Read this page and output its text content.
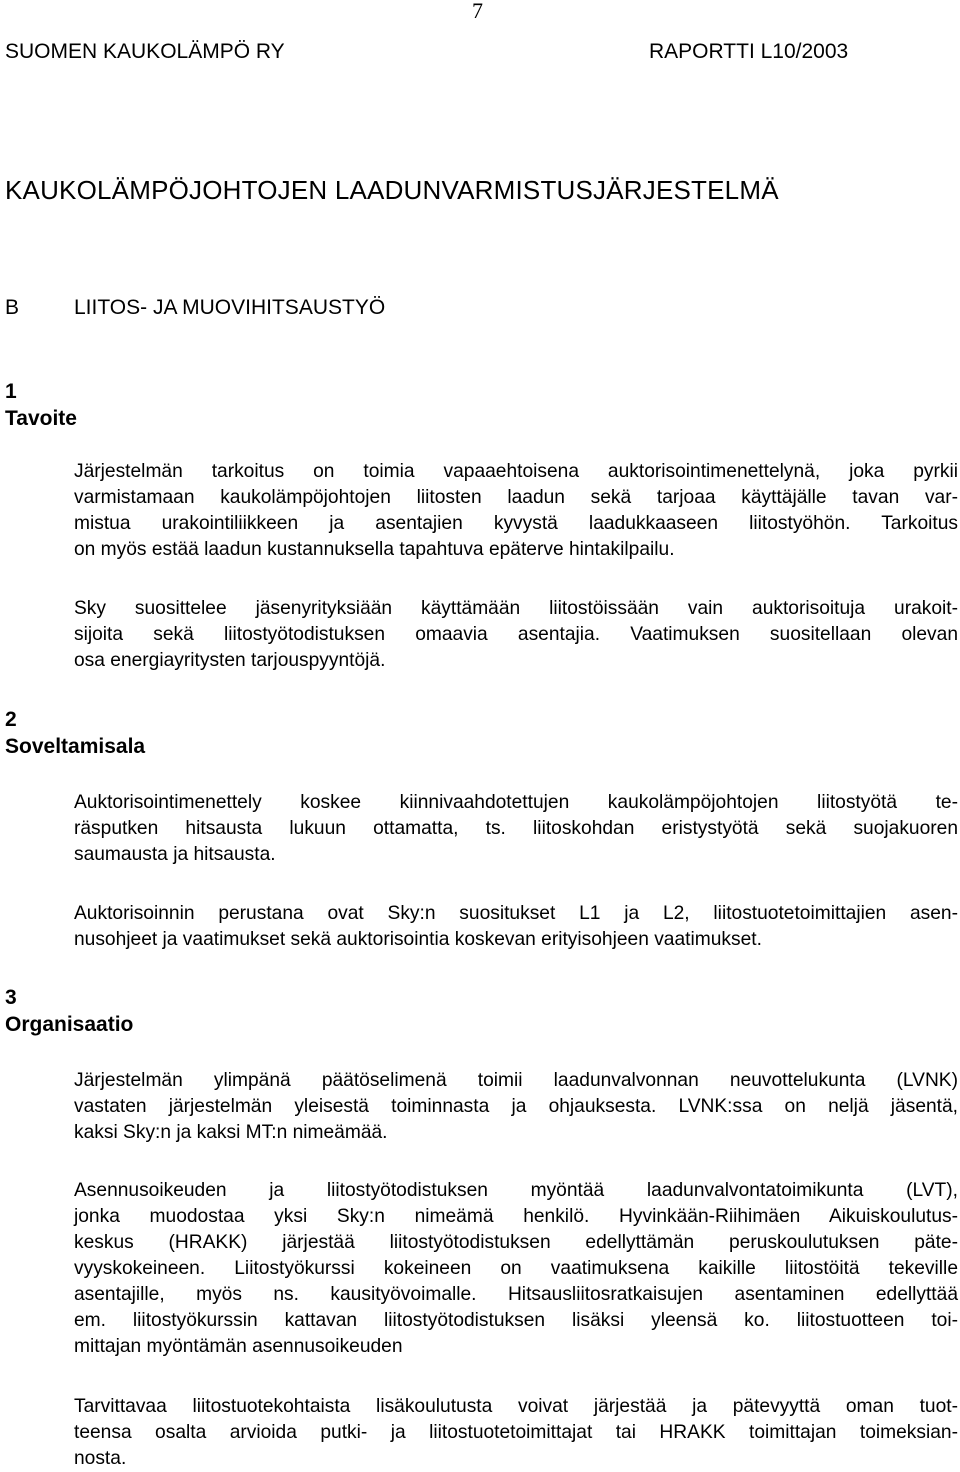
7
SUOMEN KAUKOLÄMPÖ RY	RAPORTTI L10/2003
KAUKOLÄMPÖJOHTOJEN LAADUNVARMISTUSJÄRJESTELMÄ
B	LIITOS- JA MUOVIHITSAUSTYÖ
1
Tavoite
Järjestelmän tarkoitus on toimia vapaaehtoisena auktorisointimenettelynä, joka pyrkii
varmistamaan kaukolämpöjohtojen liitosten laadun sekä tarjoaa käyttäjälle tavan var-
mistua urakointiliikkeen ja asentajien kyvystä laadukkaaseen liitostyöhön. Tarkoitus
on myös estää laadun kustannuksella tapahtuva epäterve hintakilpailu.
Sky suosittelee jäsenyrityksiään käyttämään liitostöissään vain auktorisoituja urakoit-
sijoita sekä liitostyötodistuksen omaavia asentajia. Vaatimuksen suositellaan olevan
osa energiayritysten tarjouspyyntöjä.
2
Soveltamisala
Auktorisointimenettely koskee kiinnivaahdotettujen kaukolämpöjohtojen liitostyötä te-
räsputken hitsausta lukuun ottamatta, ts. liitoskohdan eristystyötä sekä suojakuoren
saumausta ja hitsausta.
Auktorisoinnin perustana ovat Sky:n suositukset L1 ja L2, liitostuotetoimittajien asen-
nusohjeet ja vaatimukset sekä auktorisointia koskevan erityisohjeen vaatimukset.
3
Organisaatio
Järjestelmän ylimpänä päätöselimenä toimii laadunvalvonnan neuvottelukunta (LVNK)
vastaten järjestelmän yleisestä toiminnasta ja ohjauksesta. LVNK:ssa on neljä jäsentä,
kaksi Sky:n ja kaksi MT:n nimeämää.
Asennusoikeuden ja liitostyötodistuksen myöntää laadunvalvontatoimikunta (LVT),
jonka muodostaa yksi Sky:n nimeämä henkilö. Hyvinkään-Riihimäen Aikuiskoulutus-
keskus (HRAKK) järjestää liitostyötodistuksen edellyttämän peruskoulutuksen päte-
vyyskokeineen. Liitostyökurssi kokeineen on vaatimuksena kaikille liitostöitä tekeville
asentajille, myös ns. kausityövoimalle. Hitsausliitosratkaisujen asentaminen edellyttää
em. liitostyökurssin kattavan liitostyötodistuksen lisäksi yleensä ko. liitostuotteen toi-
mittajan myöntämän asennusoikeuden
Tarvittavaa liitostuotekohtaista lisäkoulutusta voivat järjestää ja pätevyyttä oman tuot-
teensa osalta arvioida putki- ja liitostuotetoimittajat tai HRAKK toimittajan toimeksian-
nosta.
